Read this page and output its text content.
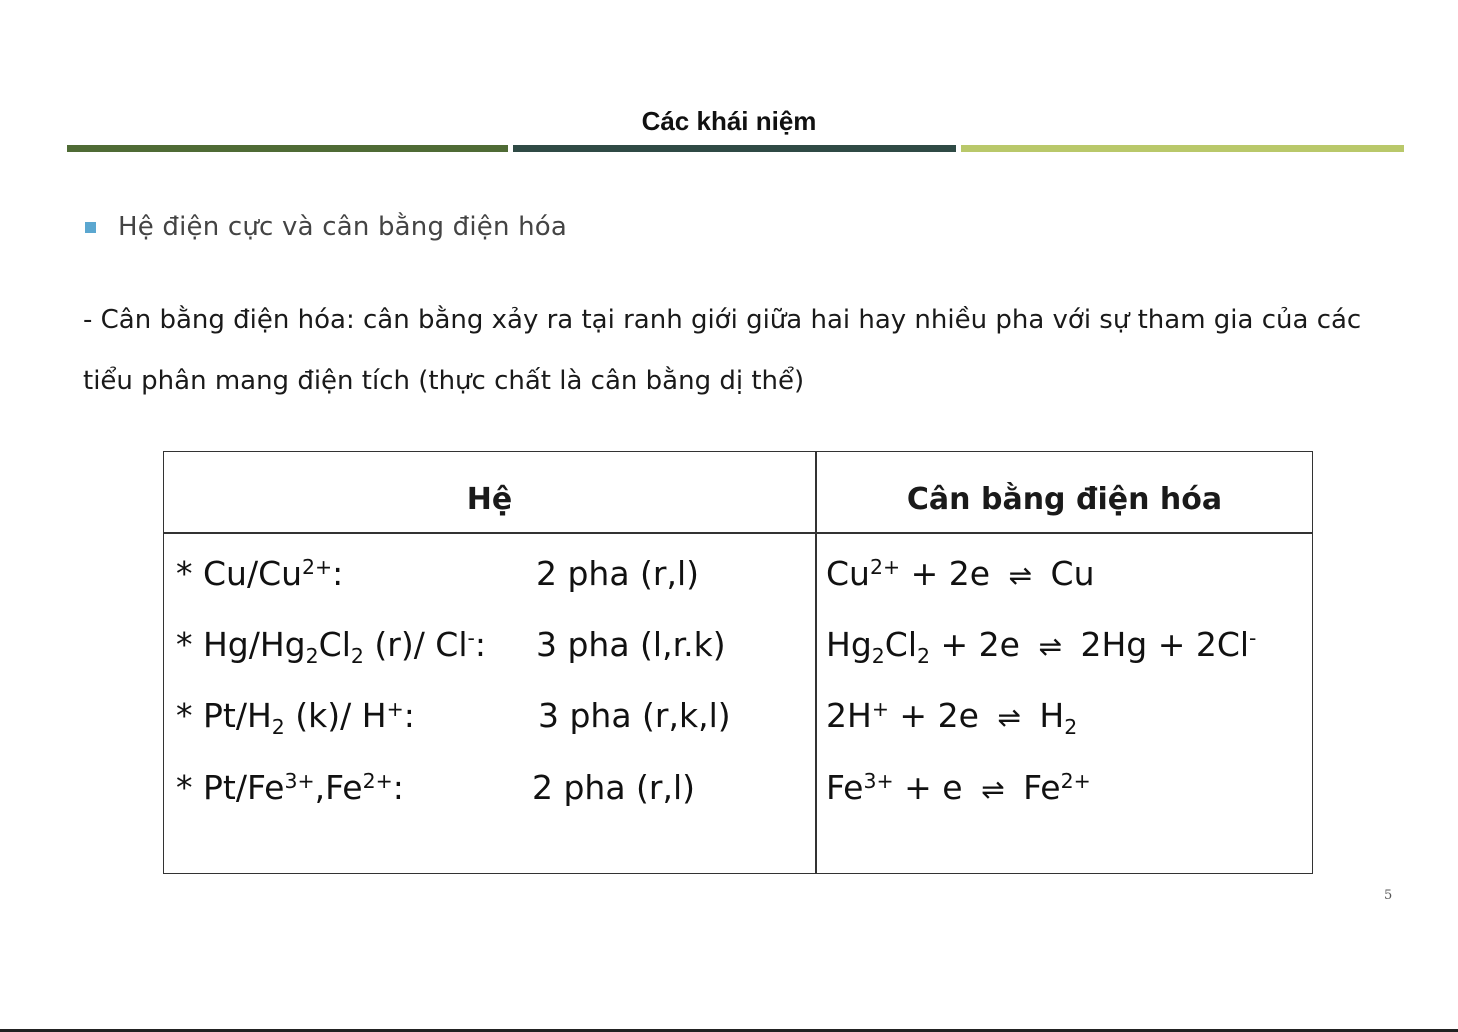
Các khái niệm
Hệ điện cực và cân bằng điện hóa
- Cân bằng điện hóa: cân bằng xảy ra tại ranh giới giữa hai hay nhiều pha với sự tham gia của các tiểu phân mang điện tích (thực chất là cân bằng dị thể)
Hệ	Cân bằng điện hóa
* $Cu/Cu^{2+}$:	2 pha (r,l)	$Cu^{2+} + 2e$ ⇌ Cu
* $Hg/Hg_2Cl_2$ (r)/ Cl-: 3 pha (l,r.k)	$Hg_2Cl_2 + 2e$ ⇌ 2Hg + 2Cl-
* $Pt/H_2$ (k)/ H+:	3 pha (r,k,l)	2H+ + 2e ⇌ $H_2$
* $Pt/Fe^{3+},Fe^{2+}$:	2 pha (r,l)	$Fe^{3+} + e$ ⇌ $Fe^{2+}$
5
